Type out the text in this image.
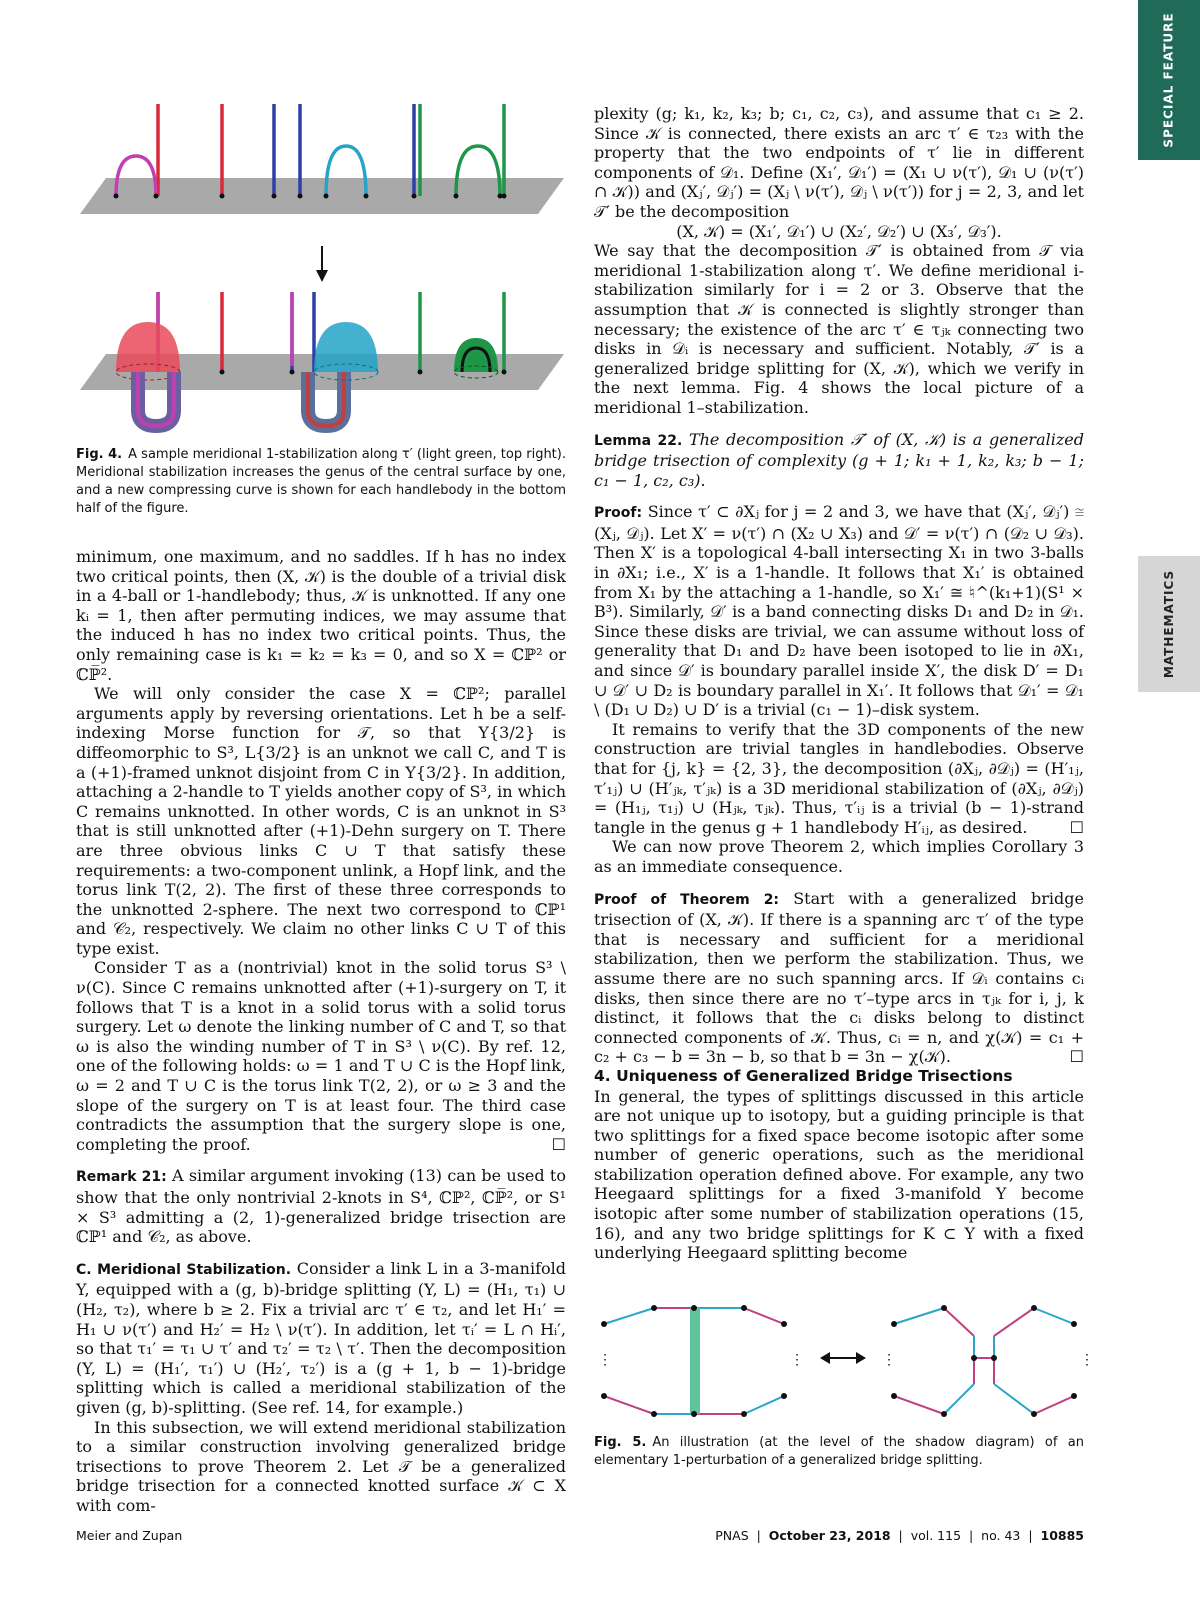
SPECIAL FEATURE
MATHEMATICS
Fig. 4. A sample meridional 1-stabilization along τ′ (light green, top right). Meridional stabilization increases the genus of the central surface by one, and a new compressing curve is shown for each handlebody in the bottom half of the figure.

minimum, one maximum, and no saddles. If h has no index two critical points, then (X, 𝒦) is the double of a trivial disk in a 4-ball or 1-handlebody; thus, 𝒦 is unknotted. If any one kᵢ = 1, then after permuting indices, we may assume that the induced h has no index two critical points. Thus, the only remaining case is k₁ = k₂ = k₃ = 0, and so X = ℂℙ² or ℂℙ̅².

We will only consider the case X = ℂℙ²; parallel arguments apply by reversing orientations. Let h be a self-indexing Morse function for 𝒯, so that Y{3/2} is diffeomorphic to S³, L{3/2} is an unknot we call C, and T is a (+1)-framed unknot disjoint from C in Y{3/2}. In addition, attaching a 2-handle to T yields another copy of S³, in which C remains unknotted. In other words, C is an unknot in S³ that is still unknotted after (+1)-Dehn surgery on T. There are three obvious links C ∪ T that satisfy these requirements: a two-component unlink, a Hopf link, and the torus link T(2, 2). The first of these three corresponds to the unknotted 2-sphere. The next two correspond to ℂℙ¹ and 𝒞₂, respectively. We claim no other links C ∪ T of this type exist.

Consider T as a (nontrivial) knot in the solid torus S³ \ ν(C). Since C remains unknotted after (+1)-surgery on T, it follows that T is a knot in a solid torus with a solid torus surgery. Let ω denote the linking number of C and T, so that ω is also the winding number of T in S³ \ ν(C). By ref. 12, one of the following holds: ω = 1 and T ∪ C is the Hopf link, ω = 2 and T ∪ C is the torus link T(2, 2), or ω ≥ 3 and the slope of the surgery on T is at least four. The third case contradicts the assumption that the surgery slope is one, completing the proof.	☐

Remark 21: A similar argument invoking (13) can be used to show that the only nontrivial 2-knots in S⁴, ℂℙ², ℂℙ̅², or S¹ × S³ admitting a (2, 1)-generalized bridge trisection are ℂℙ¹ and 𝒞₂, as above.

C. Meridional Stabilization. Consider a link L in a 3-manifold Y, equipped with a (g, b)-bridge splitting (Y, L) = (H₁, τ₁) ∪ (H₂, τ₂), where b ≥ 2. Fix a trivial arc τ′ ∈ τ₂, and let H₁′ = H₁ ∪ ν(τ′) and H₂′ = H₂ \ ν(τ′). In addition, let τᵢ′ = L ∩ Hᵢ′, so that τ₁′ = τ₁ ∪ τ′ and τ₂′ = τ₂ \ τ′. Then the decomposition (Y, L) = (H₁′, τ₁′) ∪ (H₂′, τ₂′) is a (g + 1, b − 1)-bridge splitting which is called a meridional stabilization of the given (g, b)-splitting. (See ref. 14, for example.)

In this subsection, we will extend meridional stabilization to a similar construction involving generalized bridge trisections to prove Theorem 2. Let 𝒯 be a generalized bridge trisection for a connected knotted surface 𝒦 ⊂ X with com-

plexity (g; k₁, k₂, k₃; b; c₁, c₂, c₃), and assume that c₁ ≥ 2. Since 𝒦 is connected, there exists an arc τ′ ∈ τ₂₃ with the property that the two endpoints of τ′ lie in different components of 𝒟₁. Define (X₁′, 𝒟₁′) = (X₁ ∪ ν(τ′), 𝒟₁ ∪ (ν(τ′) ∩ 𝒦)) and (Xⱼ′, 𝒟ⱼ′) = (Xⱼ \ ν(τ′), 𝒟ⱼ \ ν(τ′)) for j = 2, 3, and let 𝒯′ be the decomposition

(X, 𝒦) = (X₁′, 𝒟₁′) ∪ (X₂′, 𝒟₂′) ∪ (X₃′, 𝒟₃′).

We say that the decomposition 𝒯′ is obtained from 𝒯 via meridional 1-stabilization along τ′. We define meridional i-stabilization similarly for i = 2 or 3. Observe that the assumption that 𝒦 is connected is slightly stronger than necessary; the existence of the arc τ′ ∈ τⱼₖ connecting two disks in 𝒟ᵢ is necessary and sufficient. Notably, 𝒯′ is a generalized bridge splitting for (X, 𝒦), which we verify in the next lemma. Fig. 4 shows the local picture of a meridional 1–stabilization.

Lemma 22. The decomposition 𝒯′ of (X, 𝒦) is a generalized bridge trisection of complexity (g + 1; k₁ + 1, k₂, k₃; b − 1; c₁ − 1, c₂, c₃).

Proof: Since τ′ ⊂ ∂Xⱼ for j = 2 and 3, we have that (Xⱼ′, 𝒟ⱼ′) ≅ (Xⱼ, 𝒟ⱼ). Let X′ = ν(τ′) ∩ (X₂ ∪ X₃) and 𝒟′ = ν(τ′) ∩ (𝒟₂ ∪ 𝒟₃). Then X′ is a topological 4-ball intersecting X₁ in two 3-balls in ∂X₁; i.e., X′ is a 1-handle. It follows that X₁′ is obtained from X₁ by the attaching a 1-handle, so X₁′ ≅ ♮^(k₁+1)(S¹ × B³). Similarly, 𝒟′ is a band connecting disks D₁ and D₂ in 𝒟₁. Since these disks are trivial, we can assume without loss of generality that D₁ and D₂ have been isotoped to lie in ∂X₁, and since 𝒟′ is boundary parallel inside X′, the disk D′ = D₁ ∪ 𝒟′ ∪ D₂ is boundary parallel in X₁′. It follows that 𝒟₁′ = 𝒟₁ \ (D₁ ∪ D₂) ∪ D′ is a trivial (c₁ − 1)–disk system.

It remains to verify that the 3D components of the new construction are trivial tangles in handlebodies. Observe that for {j, k} = {2, 3}, the decomposition (∂Xⱼ, ∂𝒟ⱼ) = (H′₁ⱼ, τ′₁ⱼ) ∪ (H′ⱼₖ, τ′ⱼₖ) is a 3D meridional stabilization of (∂Xⱼ, ∂𝒟ⱼ) = (H₁ⱼ, τ₁ⱼ) ∪ (Hⱼₖ, τⱼₖ). Thus, τ′ᵢⱼ is a trivial (b − 1)-strand tangle in the genus g + 1 handlebody H′ᵢⱼ, as desired.	☐

We can now prove Theorem 2, which implies Corollary 3 as an immediate consequence.

Proof of Theorem 2: Start with a generalized bridge trisection of (X, 𝒦). If there is a spanning arc τ′ of the type that is necessary and sufficient for a meridional stabilization, then we perform the stabilization. Thus, we assume there are no such spanning arcs. If 𝒟ᵢ contains cᵢ disks, then since there are no τ′–type arcs in τⱼₖ for i, j, k distinct, it follows that the cᵢ disks belong to distinct connected components of 𝒦. Thus, cᵢ = n, and χ(𝒦) = c₁ + c₂ + c₃ − b = 3n − b, so that b = 3n − χ(𝒦).	☐

4. Uniqueness of Generalized Bridge Trisections

In general, the types of splittings discussed in this article are not unique up to isotopy, but a guiding principle is that two splittings for a fixed space become isotopic after some number of generic operations, such as the meridional stabilization operation defined above. For example, any two Heegaard splittings for a fixed 3-manifold Y become isotopic after some number of stabilization operations (15, 16), and any two bridge splittings for K ⊂ Y with a fixed underlying Heegaard splitting become

⋮	⋮	⋮	⋮
Fig. 5. An illustration (at the level of the shadow diagram) of an elementary 1-perturbation of a generalized bridge splitting.
Meier and Zupan	PNAS | October 23, 2018 | vol. 115 | no. 43 | 10885
